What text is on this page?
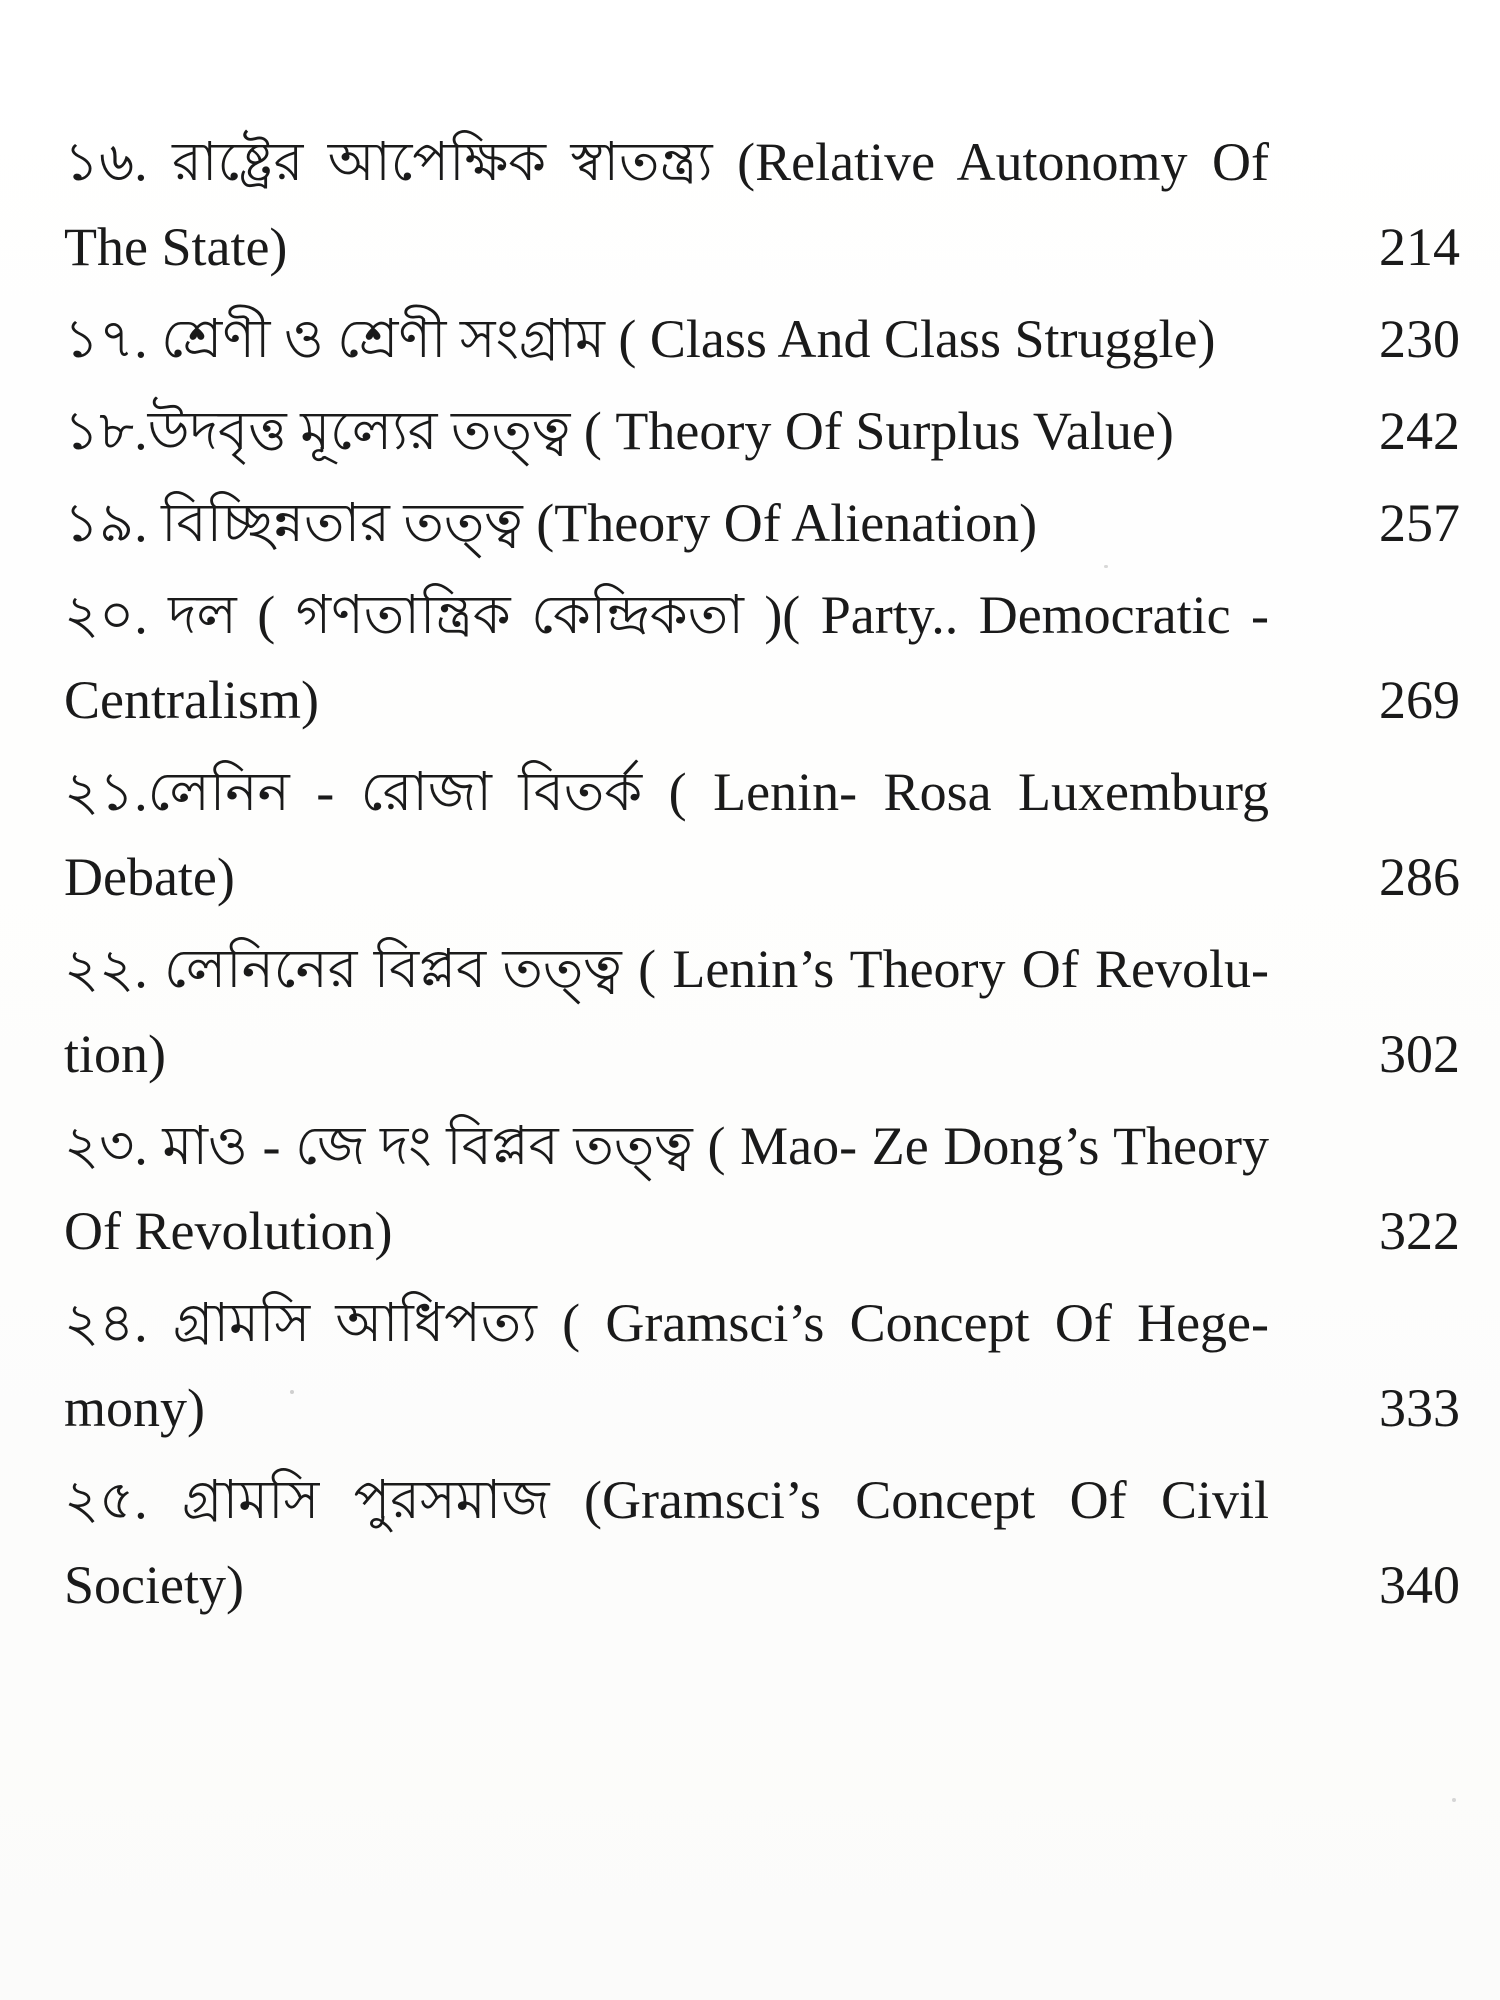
১৬. রাষ্ট্রের আপেক্ষিক স্বাতন্ত্র্য (Relative Autonomy Of The State)	214

১৭. শ্রেণী ও শ্রেণী সংগ্রাম ( Class And Class Struggle)	230

১৮.উদবৃত্ত মূল্যের তত্ত্ব ( Theory Of Surplus Value)	242

১৯. বিচ্ছিন্নতার তত্ত্ব (Theory Of Alienation)	257

২০. দল ( গণতান্ত্রিক কেন্দ্রিকতা )( Party.. Democratic - Centralism)	269

২১.লেনিন - রোজা বিতর্ক ( Lenin- Rosa Luxemburg Debate)	286

২২. লেনিনের বিপ্লব তত্ত্ব ( Lenin’s Theory Of Revolu- tion)	302

২৩. মাও - জে দং বিপ্লব তত্ত্ব ( Mao- Ze Dong’s Theory Of Revolution)	322

২৪. গ্রামসি আধিপত্য ( Gramsci’s Concept Of Hege- mony)	333

২৫. গ্রামসি পুরসমাজ (Gramsci’s Concept Of Civil Society)	340
